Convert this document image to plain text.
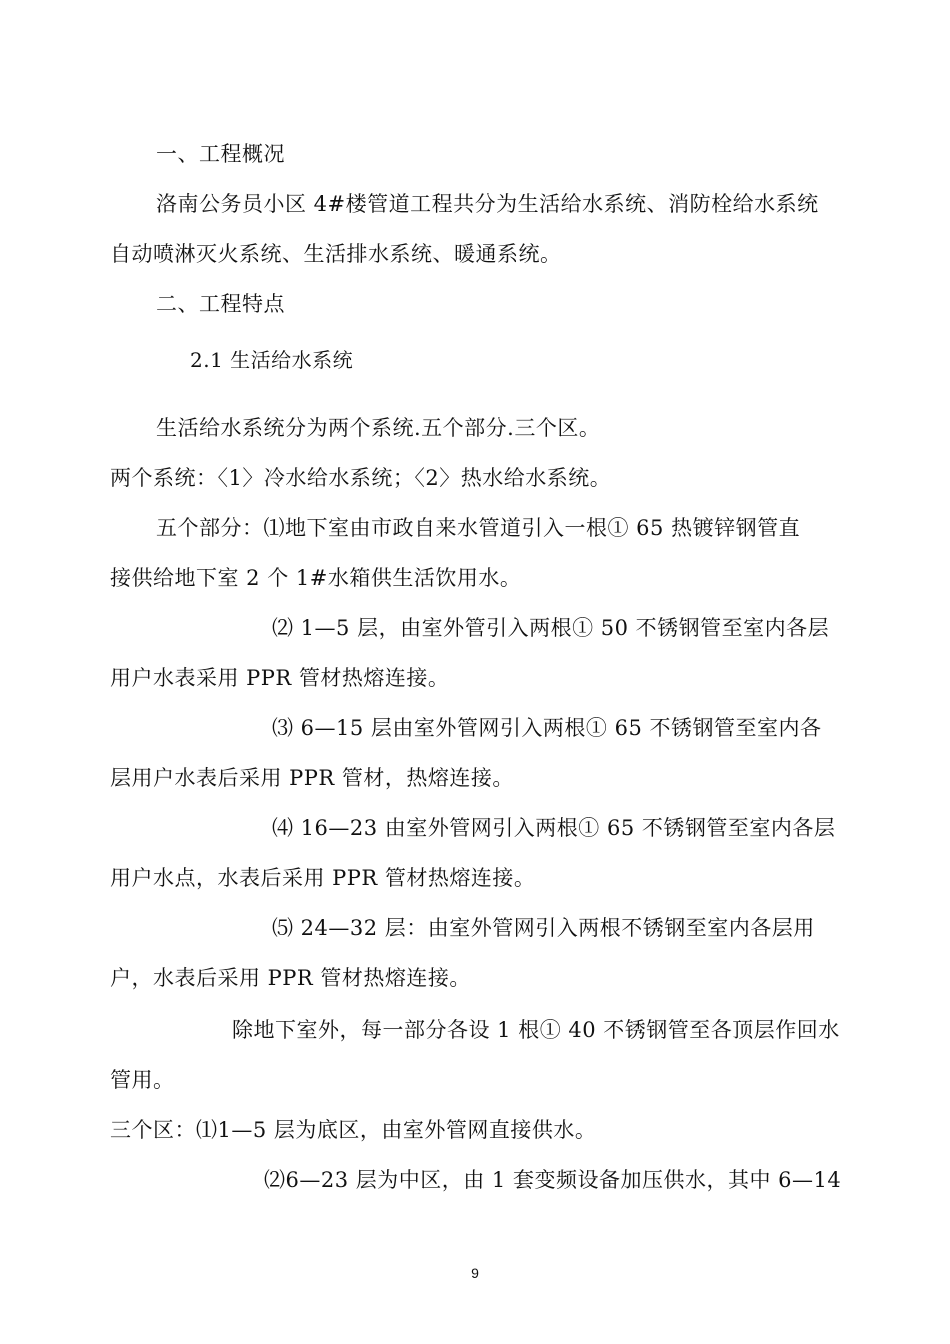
一、工程概况
洛南公务员小区 4#楼管道工程共分为生活给水系统、消防栓给水系统
自动喷淋灭火系统、生活排水系统、暖通系统。
二、工程特点
2.1 生活给水系统
生活给水系统分为两个系统.五个部分.三个区。
两个系统：〈1〉冷水给水系统；〈2〉热水给水系统。
五个部分：⑴地下室由市政自来水管道引入一根① 65 热镀锌钢管直
接供给地下室 2 个 1#水箱供生活饮用水。
⑵ 1—5 层，由室外管引入两根① 50 不锈钢管至室内各层
用户水表采用 PPR 管材热熔连接。
⑶ 6—15 层由室外管网引入两根① 65 不锈钢管至室内各
层用户水表后采用 PPR 管材，热熔连接。
⑷ 16—23 由室外管网引入两根① 65 不锈钢管至室内各层
用户水点，水表后采用 PPR 管材热熔连接。
⑸ 24—32 层：由室外管网引入两根不锈钢至室内各层用
户，水表后采用 PPR 管材热熔连接。
除地下室外，每一部分各设 1 根① 40 不锈钢管至各顶层作回水
管用。
三个区：⑴1—5 层为底区，由室外管网直接供水。
⑵6—23 层为中区，由 1 套变频设备加压供水，其中 6—14
9
